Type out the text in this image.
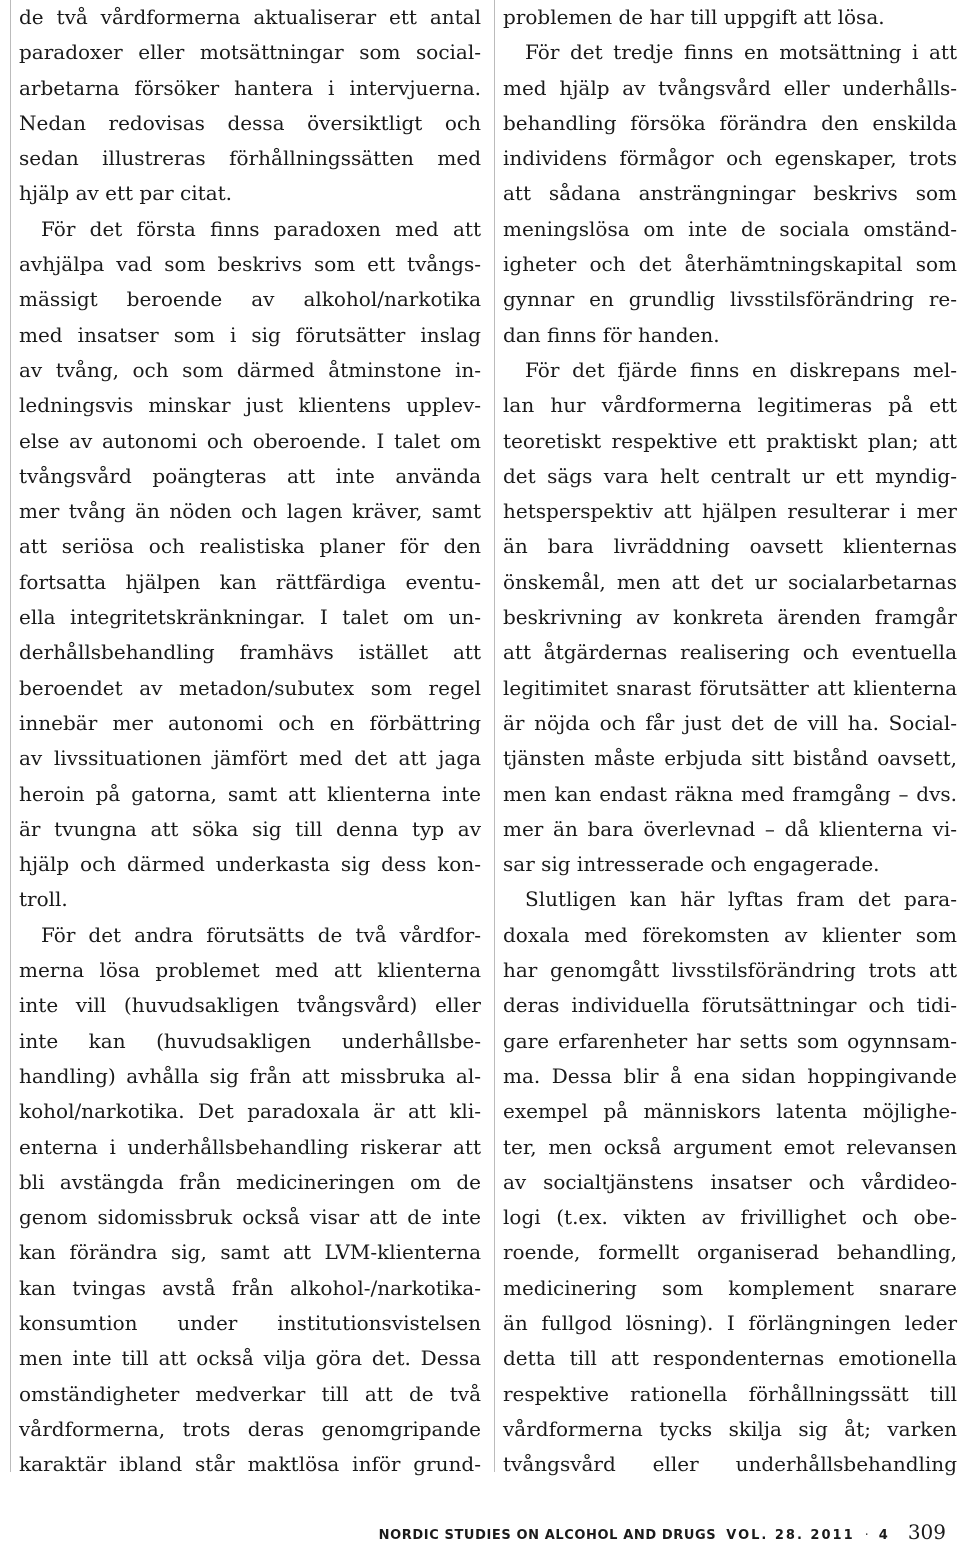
de två vårdformerna aktualiserar ett antal
paradoxer eller motsättningar som social-
arbetarna försöker hantera i intervjuerna.
Nedan redovisas dessa översiktligt och
sedan illustreras förhållningssätten med
hjälp av ett par citat.
För det första finns paradoxen med att
avhjälpa vad som beskrivs som ett tvångs-
mässigt beroende av alkohol/narkotika
med insatser som i sig förutsätter inslag
av tvång, och som därmed åtminstone in-
ledningsvis minskar just klientens upplev-
else av autonomi och oberoende. I talet om
tvångsvård poängteras att inte använda
mer tvång än nöden och lagen kräver, samt
att seriösa och realistiska planer för den
fortsatta hjälpen kan rättfärdiga eventu-
ella integritetskränkningar. I talet om un-
derhållsbehandling framhävs istället att
beroendet av metadon/subutex som regel
innebär mer autonomi och en förbättring
av livssituationen jämfört med det att jaga
heroin på gatorna, samt att klienterna inte
är tvungna att söka sig till denna typ av
hjälp och därmed underkasta sig dess kon-
troll.
För det andra förutsätts de två vårdfor-
merna lösa problemet med att klienterna
inte vill (huvudsakligen tvångsvård) eller
inte kan (huvudsakligen underhållsbe-
handling) avhålla sig från att missbruka al-
kohol/narkotika. Det paradoxala är att kli-
enterna i underhållsbehandling riskerar att
bli avstängda från medicineringen om de
genom sidomissbruk också visar att de inte
kan förändra sig, samt att LVM-klienterna
kan tvingas avstå från alkohol-/narkotika-
konsumtion under institutionsvistelsen
men inte till att också vilja göra det. Dessa
omständigheter medverkar till att de två
vårdformerna, trots deras genomgripande
karaktär ibland står maktlösa inför grund-
problemen de har till uppgift att lösa.
För det tredje finns en motsättning i att
med hjälp av tvångsvård eller underhålls-
behandling försöka förändra den enskilda
individens förmågor och egenskaper, trots
att sådana ansträngningar beskrivs som
meningslösa om inte de sociala omständ-
igheter och det återhämtningskapital som
gynnar en grundlig livsstilsförändring re-
dan finns för handen.
För det fjärde finns en diskrepans mel-
lan hur vårdformerna legitimeras på ett
teoretiskt respektive ett praktiskt plan; att
det sägs vara helt centralt ur ett myndig-
hetsperspektiv att hjälpen resulterar i mer
än bara livräddning oavsett klienternas
önskemål, men att det ur socialarbetarnas
beskrivning av konkreta ärenden framgår
att åtgärdernas realisering och eventuella
legitimitet snarast förutsätter att klienterna
är nöjda och får just det de vill ha. Social-
tjänsten måste erbjuda sitt bistånd oavsett,
men kan endast räkna med framgång – dvs.
mer än bara överlevnad – då klienterna vi-
sar sig intresserade och engagerade.
Slutligen kan här lyftas fram det para-
doxala med förekomsten av klienter som
har genomgått livsstilsförändring trots att
deras individuella förutsättningar och tidi-
gare erfarenheter har setts som ogynnsam-
ma. Dessa blir å ena sidan hoppingivande
exempel på människors latenta möjlighe-
ter, men också argument emot relevansen
av socialtjänstens insatser och vårdideo-
logi (t.ex. vikten av frivillighet och obe-
roende, formellt organiserad behandling,
medicinering som komplement snarare
än fullgod lösning). I förlängningen leder
detta till att respondenternas emotionella
respektive rationella förhållningssätt till
vårdformerna tycks skilja sig åt; varken
tvångsvård eller underhållsbehandling
NORDIC STUDIES ON ALCOHOL AND DRUGS VOL. 28. 2011 · 4 309
